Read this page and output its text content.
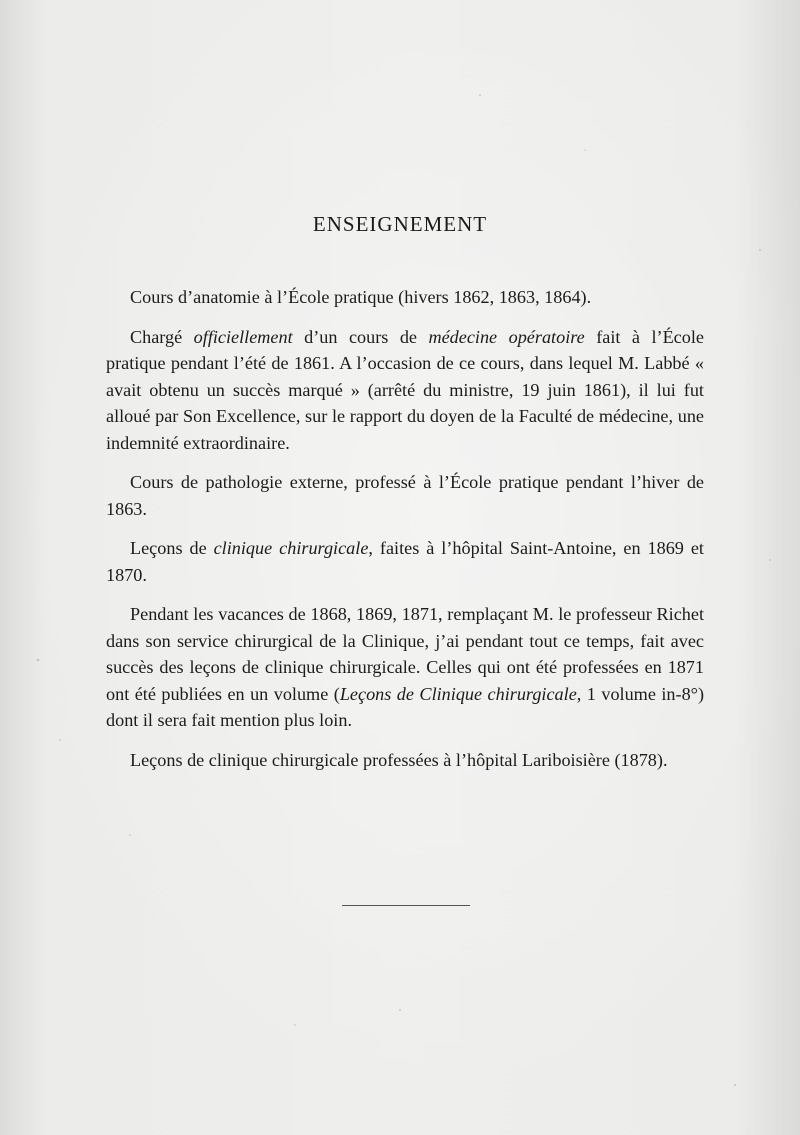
ENSEIGNEMENT

Cours d’anatomie à l’École pratique (hivers 1862, 1863, 1864).

Chargé officiellement d’un cours de médecine opératoire fait à l’École pratique pendant l’été de 1861. A l’occasion de ce cours, dans lequel M. Labbé « avait obtenu un succès marqué » (arrêté du ministre, 19 juin 1861), il lui fut alloué par Son Excellence, sur le rapport du doyen de la Faculté de médecine, une indemnité extraordinaire.

Cours de pathologie externe, professé à l’École pratique pendant l’hiver de 1863.

Leçons de clinique chirurgicale, faites à l’hôpital Saint-Antoine, en 1869 et 1870.

Pendant les vacances de 1868, 1869, 1871, remplaçant M. le professeur Richet dans son service chirurgical de la Clinique, j’ai pendant tout ce temps, fait avec succès des leçons de clinique chirurgicale. Celles qui ont été professées en 1871 ont été publiées en un volume (Leçons de Clinique chirurgicale, 1 volume in-8°) dont il sera fait mention plus loin.

Leçons de clinique chirurgicale professées à l’hôpital Lariboisière (1878).
